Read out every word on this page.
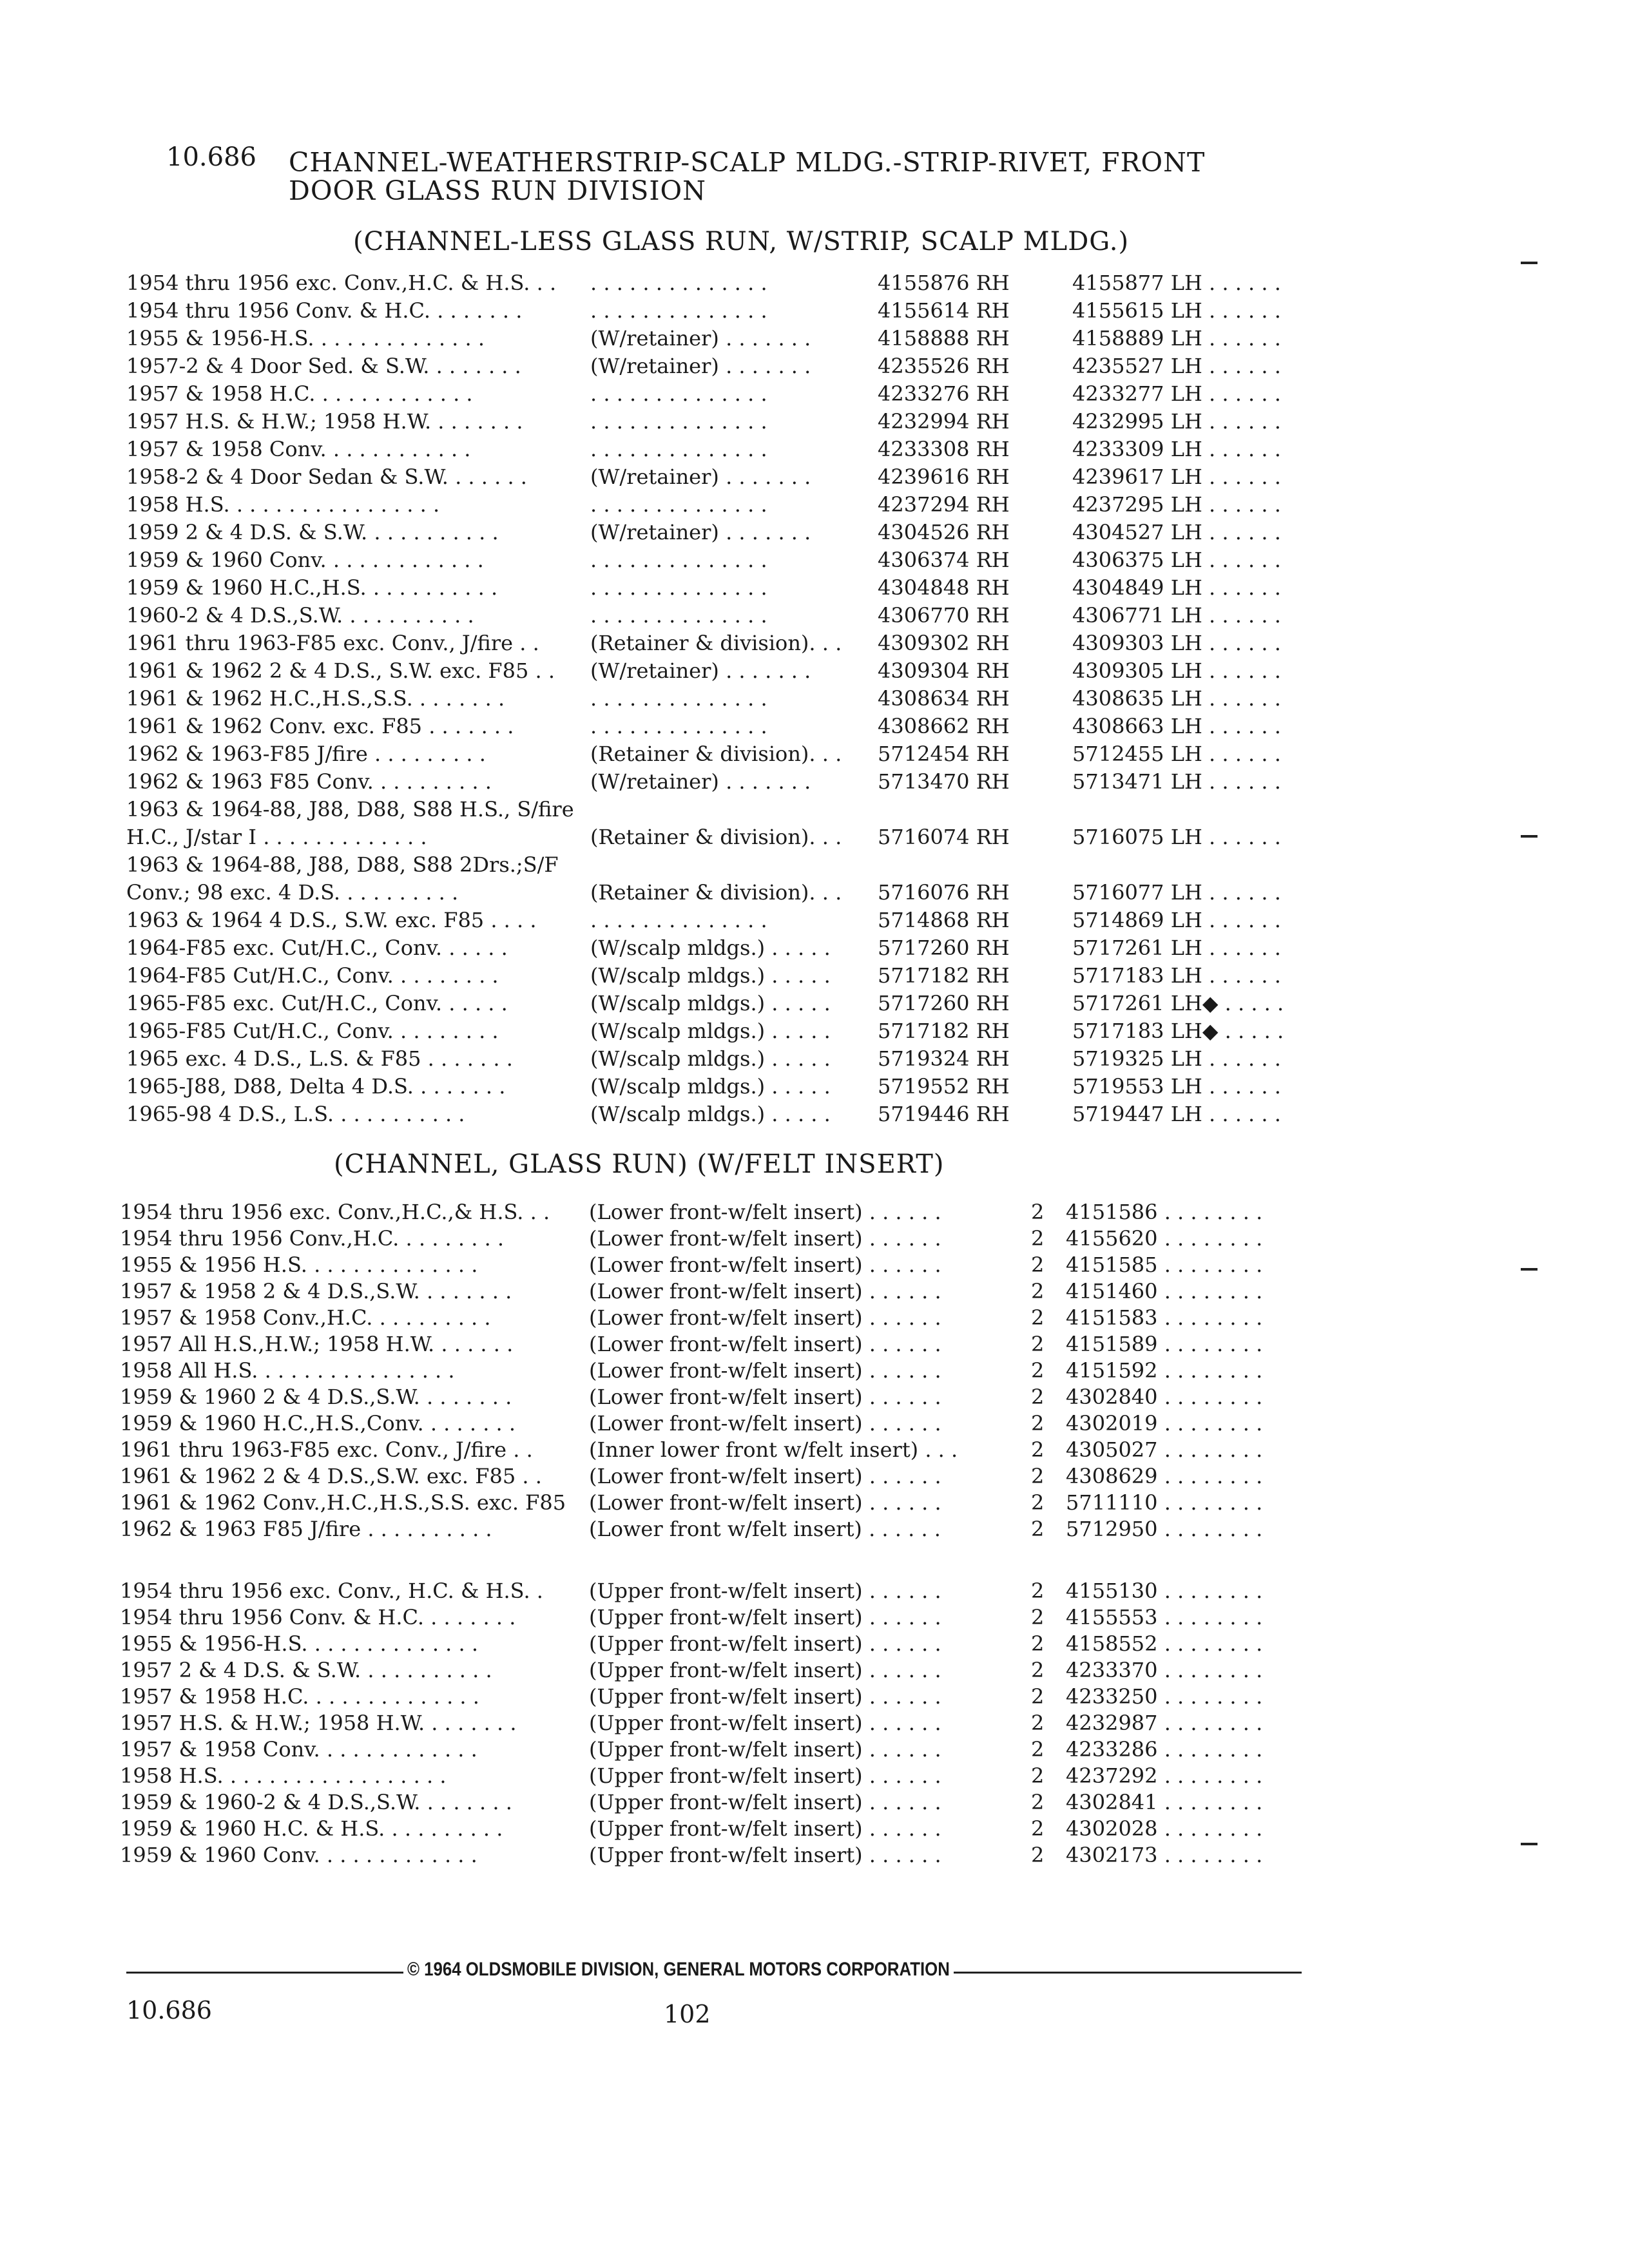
10.686 CHANNEL-WEATHERSTRIP-SCALP MLDG.-STRIP-RIVET, FRONT
DOOR GLASS RUN DIVISION
(CHANNEL-LESS GLASS RUN, W/STRIP, SCALP MLDG.)
1954 thru 1956 exc. Conv.,H.C. & H.S. . . . . . . . . . . . . . . . .	4155876 RH	4155877 LH . . . . . .
1954 thru 1956 Conv. & H.C. . . . . . . .	. . . . . . . . . . . . . .	4155614 RH	4155615 LH . . . . . .
1955 & 1956-H.S. . . . . . . . . . . . . .	(W/retainer) . . . . . . .	4158888 RH	4158889 LH . . . . . .
1957-2 & 4 Door Sed. & S.W. . . . . . . .	(W/retainer) . . . . . . .	4235526 RH	4235527 LH . . . . . .
1957 & 1958 H.C. . . . . . . . . . . . .	. . . . . . . . . . . . . .	4233276 RH	4233277 LH . . . . . .
1957 H.S. & H.W.; 1958 H.W. . . . . . . .	. . . . . . . . . . . . . .	4232994 RH	4232995 LH . . . . . .
1957 & 1958 Conv. . . . . . . . . . . .	. . . . . . . . . . . . . .	4233308 RH	4233309 LH . . . . . .
1958-2 & 4 Door Sedan & S.W. . . . . . .	(W/retainer) . . . . . . .	4239616 RH	4239617 LH . . . . . .
1958 H.S. . . . . . . . . . . . . . . . .	. . . . . . . . . . . . . .	4237294 RH	4237295 LH . . . . . .
1959 2 & 4 D.S. & S.W. . . . . . . . . . .	(W/retainer) . . . . . . .	4304526 RH	4304527 LH . . . . . .
1959 & 1960 Conv. . . . . . . . . . . . .	. . . . . . . . . . . . . .	4306374 RH	4306375 LH . . . . . .
1959 & 1960 H.C.,H.S. . . . . . . . . . .	. . . . . . . . . . . . . .	4304848 RH	4304849 LH . . . . . .
1960-2 & 4 D.S.,S.W. . . . . . . . . . .	. . . . . . . . . . . . . .	4306770 RH	4306771 LH . . . . . .
1961 thru 1963-F85 exc. Conv., J/fire . . (Retainer & division). . . 4309302 RH	4309303 LH . . . . . .
1961 & 1962 2 & 4 D.S., S.W. exc. F85 . . (W/retainer) . . . . . . .	4309304 RH	4309305 LH . . . . . .
1961 & 1962 H.C.,H.S.,S.S. . . . . . . .	. . . . . . . . . . . . . .	4308634 RH	4308635 LH . . . . . .
1961 & 1962 Conv. exc. F85 . . . . . . .	. . . . . . . . . . . . . .	4308662 RH	4308663 LH . . . . . .
1962 & 1963-F85 J/fire . . . . . . . . .	(Retainer & division). . . 5712454 RH	5712455 LH . . . . . .
1962 & 1963 F85 Conv. . . . . . . . . .	(W/retainer) . . . . . . .	5713470 RH	5713471 LH . . . . . .
1963 & 1964-88, J88, D88, S88 H.S., S/fire
H.C., J/star I . . . . . . . . . . . . .	(Retainer & division). . . 5716074 RH	5716075 LH . . . . . .
1963 & 1964-88, J88, D88, S88 2Drs.;S/F
Conv.; 98 exc. 4 D.S. . . . . . . . . .	(Retainer & division). . . 5716076 RH	5716077 LH . . . . . .
1963 & 1964 4 D.S., S.W. exc. F85 . . . .	. . . . . . . . . . . . . .	5714868 RH	5714869 LH . . . . . .
1964-F85 exc. Cut/H.C., Conv. . . . . .	(W/scalp mldgs.) . . . . . 5717260 RH	5717261 LH . . . . . .
1964-F85 Cut/H.C., Conv. . . . . . . . .	(W/scalp mldgs.) . . . . . 5717182 RH	5717183 LH . . . . . .
1965-F85 exc. Cut/H.C., Conv. . . . . .	(W/scalp mldgs.) . . . . . 5717260 RH	5717261 LH◆ . . . . .
1965-F85 Cut/H.C., Conv. . . . . . . . .	(W/scalp mldgs.) . . . . . 5717182 RH	5717183 LH◆ . . . . .
1965 exc. 4 D.S., L.S. & F85 . . . . . . .	(W/scalp mldgs.) . . . . . 5719324 RH	5719325 LH . . . . . .
1965-J88, D88, Delta 4 D.S. . . . . . . .	(W/scalp mldgs.) . . . . . 5719552 RH	5719553 LH . . . . . .
1965-98 4 D.S., L.S. . . . . . . . . . .	(W/scalp mldgs.) . . . . . 5719446 RH	5719447 LH . . . . . .
(CHANNEL, GLASS RUN) (W/FELT INSERT)
1954 thru 1956 exc. Conv.,H.C.,& H.S. . . (Lower front-w/felt insert) . . . . . .	2 4151586 . . . . . . . .
1954 thru 1956 Conv.,H.C. . . . . . . . .	(Lower front-w/felt insert) . . . . . .	2 4155620 . . . . . . . .
1955 & 1956 H.S. . . . . . . . . . . . . .	(Lower front-w/felt insert) . . . . . .	2 4151585 . . . . . . . .
1957 & 1958 2 & 4 D.S.,S.W. . . . . . . .	(Lower front-w/felt insert) . . . . . .	2 4151460 . . . . . . . .
1957 & 1958 Conv.,H.C. . . . . . . . . .	(Lower front-w/felt insert) . . . . . .	2 4151583 . . . . . . . .
1957 All H.S.,H.W.; 1958 H.W. . . . . . .	(Lower front-w/felt insert) . . . . . .	2 4151589 . . . . . . . .
1958 All H.S. . . . . . . . . . . . . . . .	(Lower front-w/felt insert) . . . . . .	2 4151592 . . . . . . . .
1959 & 1960 2 & 4 D.S.,S.W. . . . . . . .	(Lower front-w/felt insert) . . . . . .	2 4302840 . . . . . . . .
1959 & 1960 H.C.,H.S.,Conv. . . . . . . .	(Lower front-w/felt insert) . . . . . .	2 4302019 . . . . . . . .
1961 thru 1963-F85 exc. Conv., J/fire . .	(Inner lower front w/felt insert) . . .	2 4305027 . . . . . . . .
1961 & 1962 2 & 4 D.S.,S.W. exc. F85 . . (Lower front-w/felt insert) . . . . . .	2 4308629 . . . . . . . .
1961 & 1962 Conv.,H.C.,H.S.,S.S. exc. F85 (Lower front-w/felt insert) . . . . . .	2 5711110 . . . . . . . .
1962 & 1963 F85 J/fire . . . . . . . . . .	(Lower front w/felt insert) . . . . . .	2 5712950 . . . . . . . .
1954 thru 1956 exc. Conv., H.C. & H.S. . (Upper front-w/felt insert) . . . . . .	2 4155130 . . . . . . . .
1954 thru 1956 Conv. & H.C. . . . . . . .	(Upper front-w/felt insert) . . . . . .	2 4155553 . . . . . . . .
1955 & 1956-H.S. . . . . . . . . . . . . .	(Upper front-w/felt insert) . . . . . .	2 4158552 . . . . . . . .
1957 2 & 4 D.S. & S.W. . . . . . . . . . .	(Upper front-w/felt insert) . . . . . .	2 4233370 . . . . . . . .
1957 & 1958 H.C. . . . . . . . . . . . . .	(Upper front-w/felt insert) . . . . . .	2 4233250 . . . . . . . .
1957 H.S. & H.W.; 1958 H.W. . . . . . . .	(Upper front-w/felt insert) . . . . . .	2 4232987 . . . . . . . .
1957 & 1958 Conv. . . . . . . . . . . . .	(Upper front-w/felt insert) . . . . . .	2 4233286 . . . . . . . .
1958 H.S. . . . . . . . . . . . . . . . . .	(Upper front-w/felt insert) . . . . . .	2 4237292 . . . . . . . .
1959 & 1960-2 & 4 D.S.,S.W. . . . . . . .	(Upper front-w/felt insert) . . . . . .	2 4302841 . . . . . . . .
1959 & 1960 H.C. & H.S. . . . . . . . . .	(Upper front-w/felt insert) . . . . . .	2 4302028 . . . . . . . .
1959 & 1960 Conv. . . . . . . . . . . . .	(Upper front-w/felt insert) . . . . . .	2 4302173 . . . . . . . .
© 1964 OLDSMOBILE DIVISION, GENERAL MOTORS CORPORATION
10.686	102
